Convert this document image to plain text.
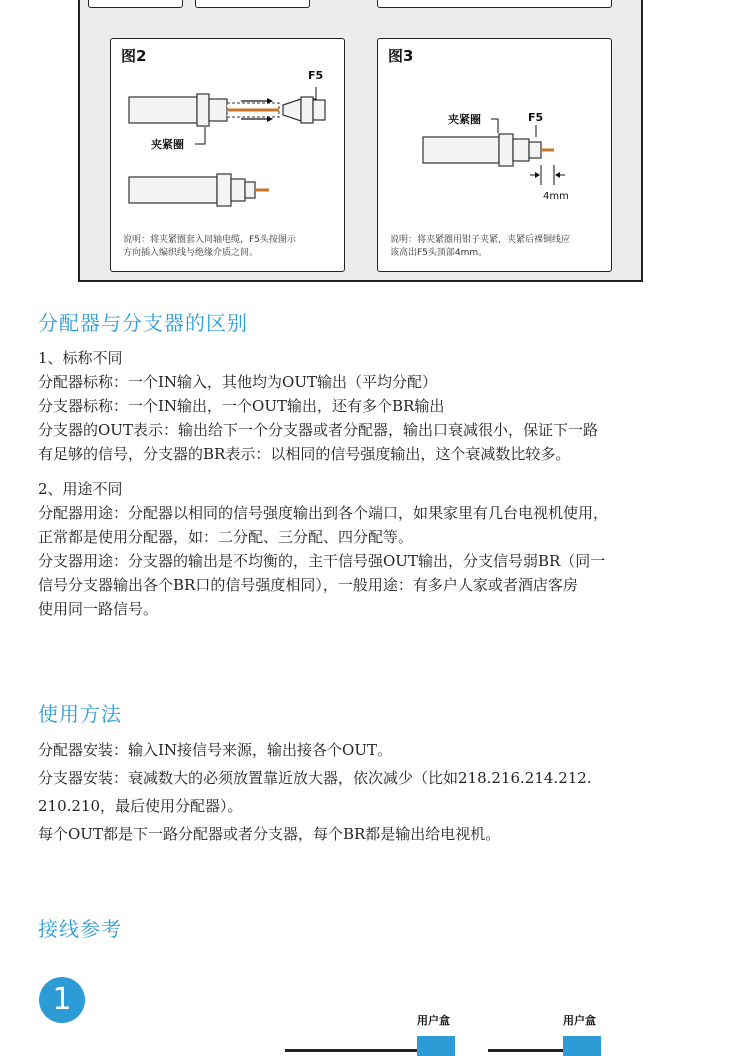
图2
F5
夹紧圈
说明：将夹紧圈套入同轴电缆，F5头按图示
方向插入编织线与绝缘介质之间。
图3
夹紧圈	F5
4mm
说明：将夹紧圈用钳子夹紧，夹紧后裸铜线应
该高出F5头顶部4mm。
分配器与分支器的区别

1、标称不同

分配器标称：一个IN输入，其他均为OUT输出（平均分配）

分支器标称：一个IN输出，一个OUT输出，还有多个BR输出

分支器的OUT表示：输出给下一个分支器或者分配器，输出口衰减很小，保证下一路

有足够的信号，分支器的BR表示：以相同的信号强度输出，这个衰减数比较多。

2、用途不同

分配器用途：分配器以相同的信号强度输出到各个端口，如果家里有几台电视机使用，

正常都是使用分配器，如：二分配、三分配、四分配等。

分支器用途：分支器的输出是不均衡的，主干信号强OUT输出，分支信号弱BR（同一

信号分支器输出各个BR口的信号强度相同），一般用途：有多户人家或者酒店客房

使用同一路信号。

使用方法

分配器安装：输入IN接信号来源，输出接各个OUT。

分支器安装：衰减数大的必须放置靠近放大器，依次减少（比如218.216.214.212.

210.210，最后使用分配器）。

每个OUT都是下一路分配器或者分支器，每个BR都是输出给电视机。

接线参考
1
用户盒	用户盒
